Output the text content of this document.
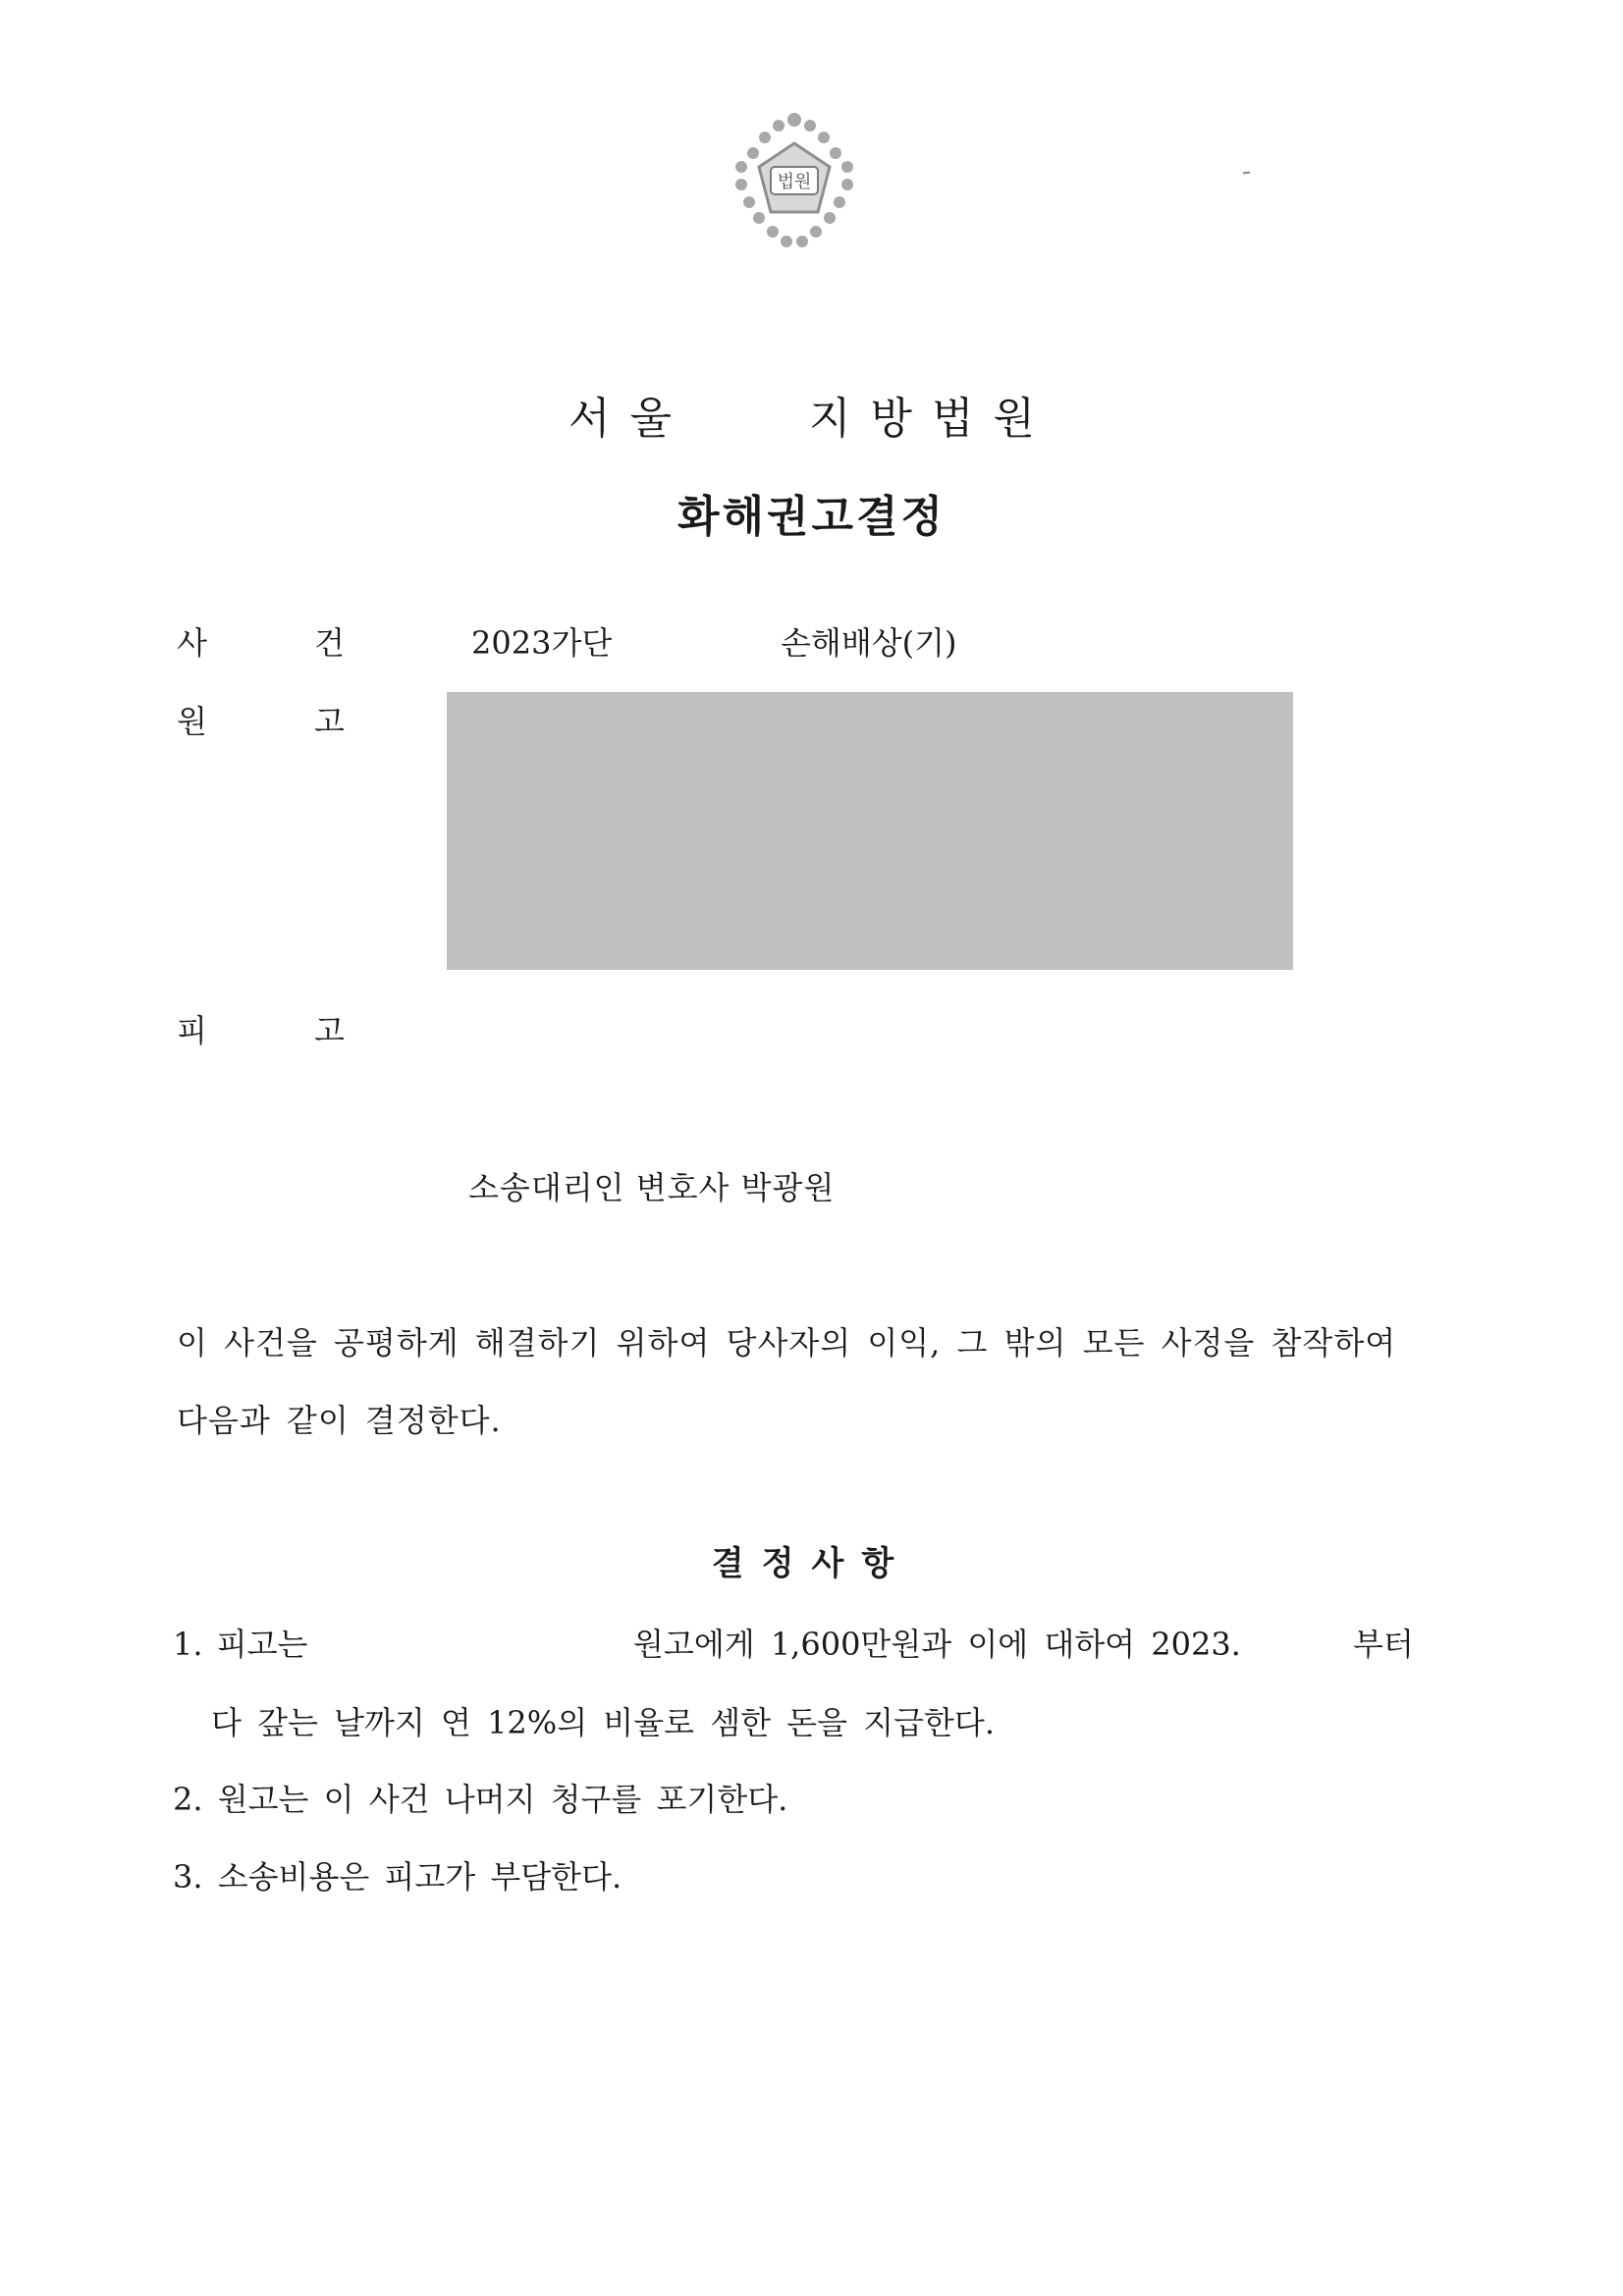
법원
서울	지방법원
화해권고결정
사	건	2023가단	손해배상(기)
원	고
피	고
소송대리인 변호사 박광원
이 사건을 공평하게 해결하기 위하여 당사자의 이익, 그 밖의 모든 사정을 참작하여
다음과 같이 결정한다.
결정사항
1. 피고는	원고에게 1,600만원과 이에 대하여 2023.	부터
다 갚는 날까지 연 12%의 비율로 셈한 돈을 지급한다.
2. 원고는 이 사건 나머지 청구를 포기한다.
3. 소송비용은 피고가 부담한다.
